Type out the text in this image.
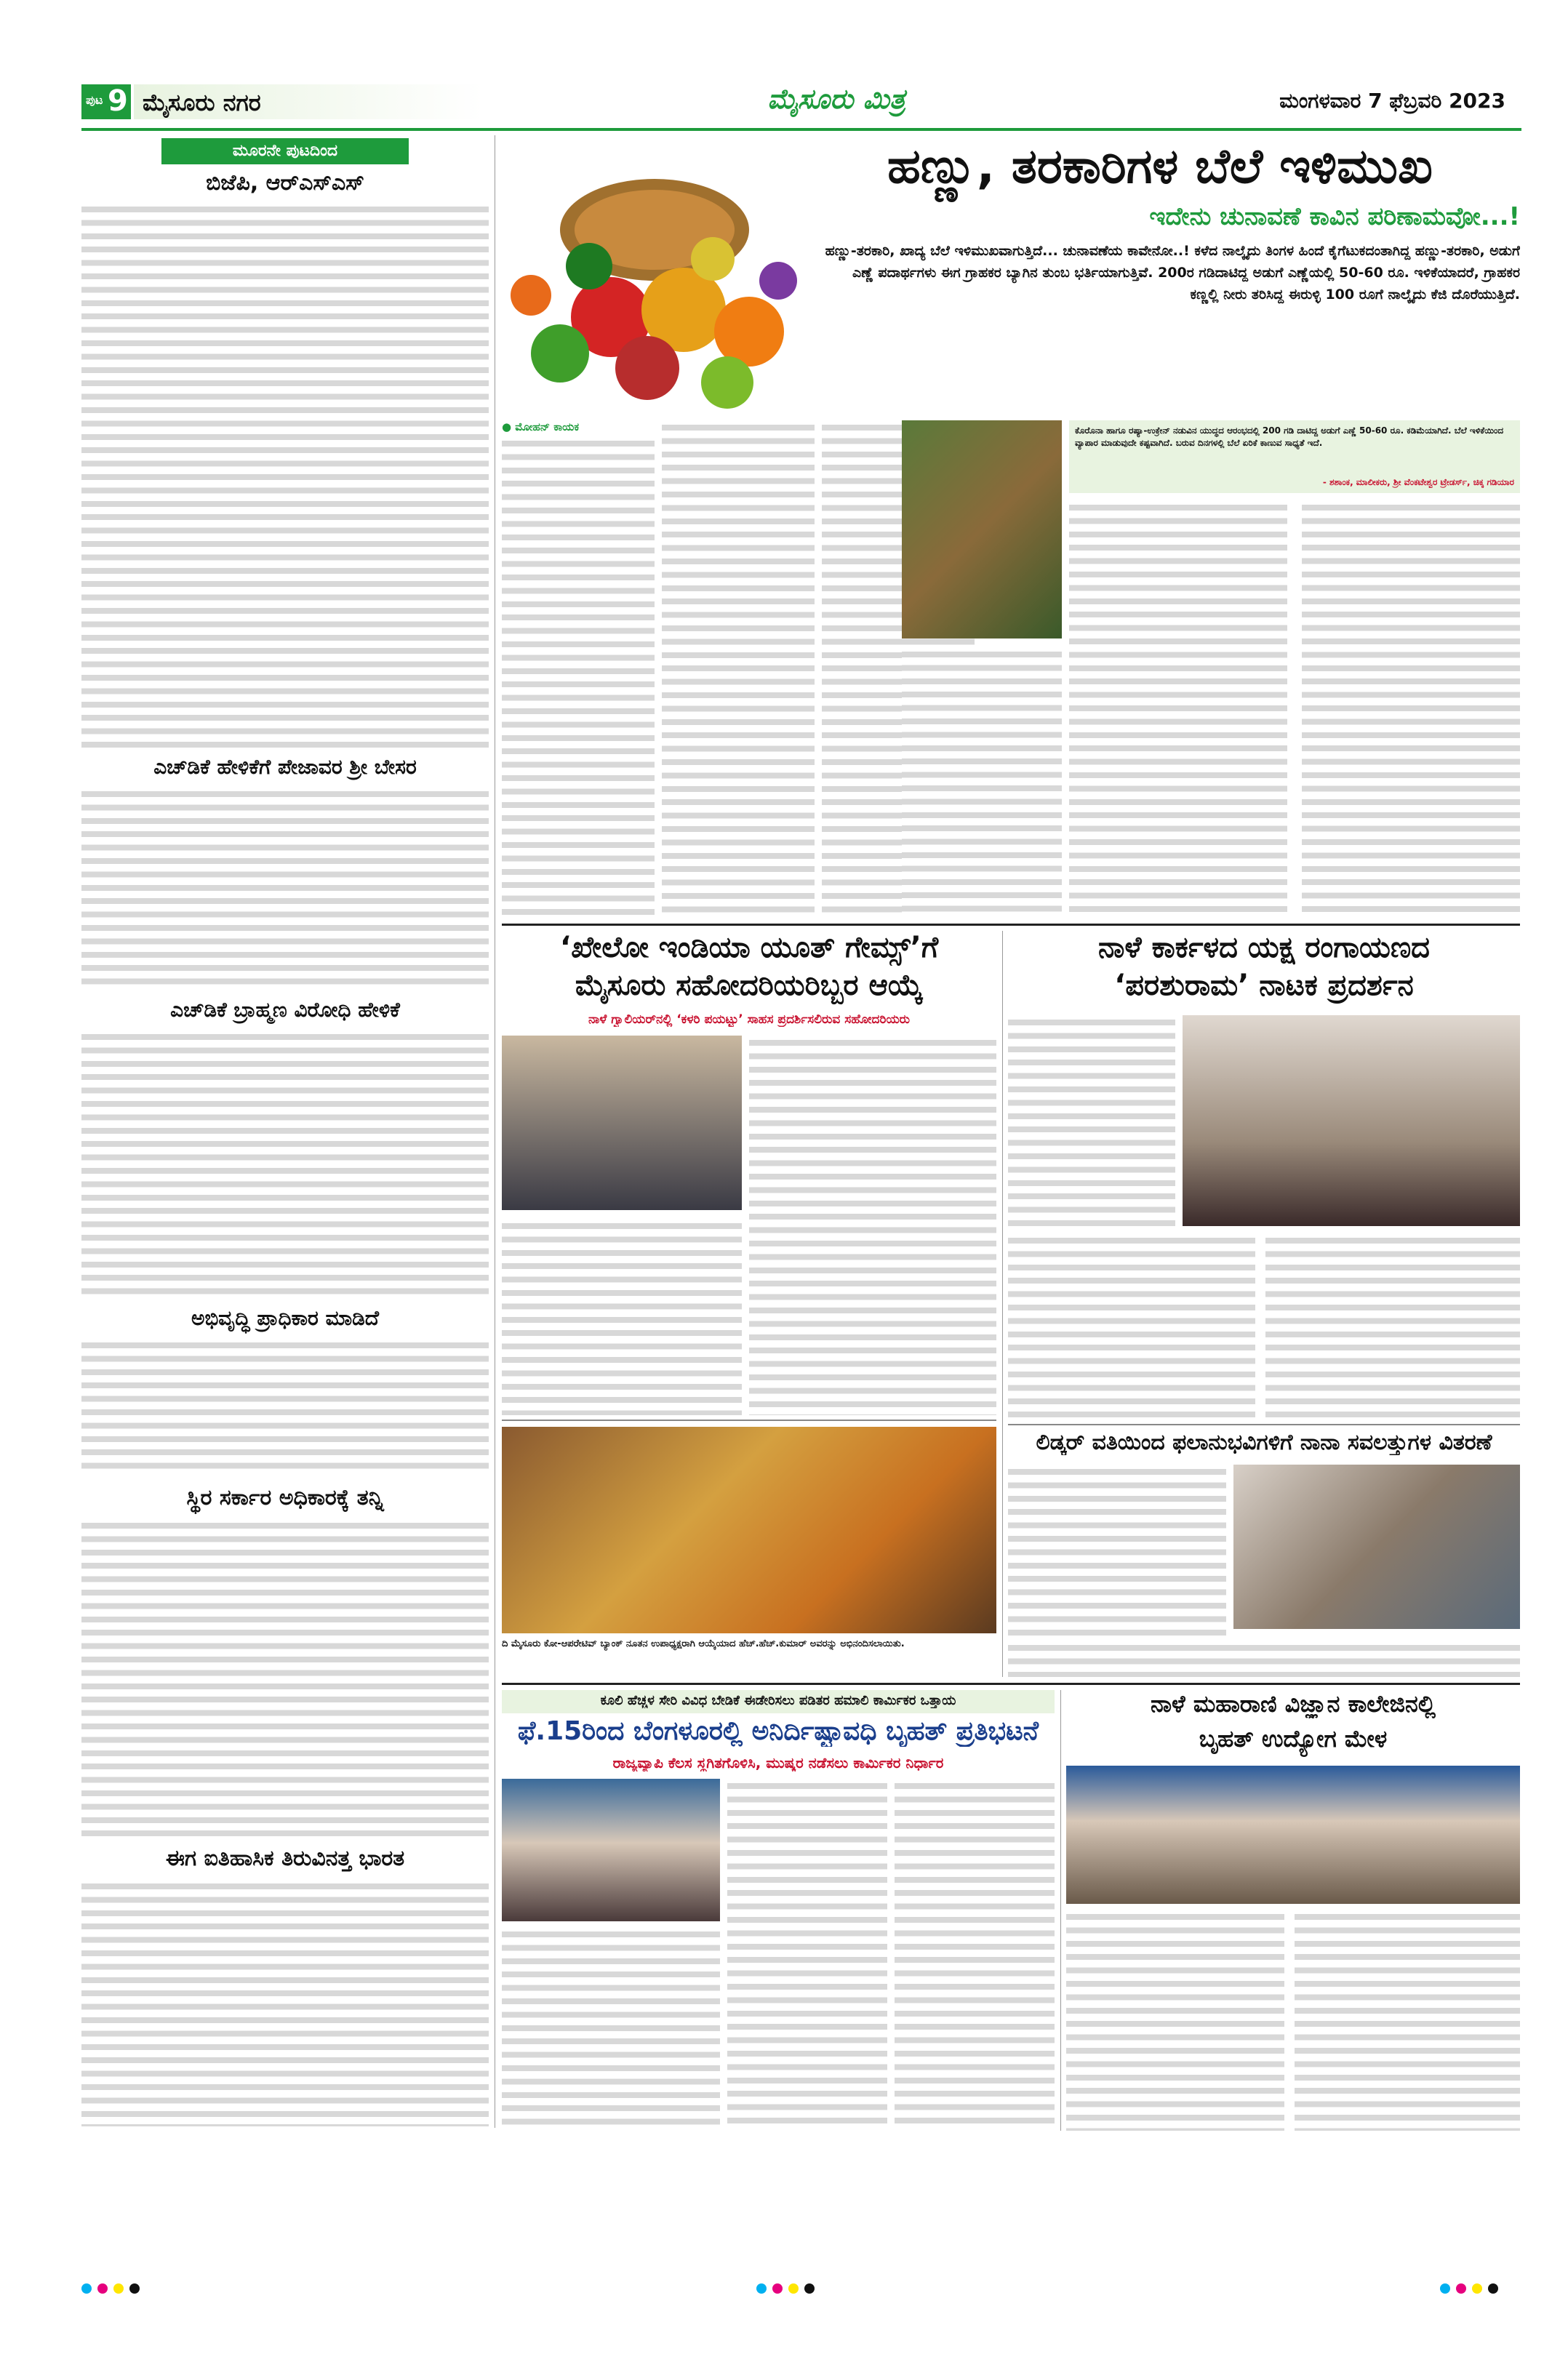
ಪುಟ 9 ಮೈಸೂರು ನಗರ	ಮೈಸೂರು ಮಿತ್ರ	ಮಂಗಳವಾರ 7 ಫೆಬ್ರವರಿ 2023
ಮೂರನೇ ಪುಟದಿಂದ
ಬಿಜೆಪಿ, ಆರ್‌ಎಸ್‌ಎಸ್
ಎಚ್‌ಡಿಕೆ ಹೇಳಿಕೆಗೆ ಪೇಜಾವರ ಶ್ರೀ ಬೇಸರ
ಎಚ್‌ಡಿಕೆ ಬ್ರಾಹ್ಮಣ ವಿರೋಧಿ ಹೇಳಿಕೆ
ಅಭಿವೃದ್ಧಿ ಪ್ರಾಧಿಕಾರ ಮಾಡಿದೆ
ಸ್ಥಿರ ಸರ್ಕಾರ ಅಧಿಕಾರಕ್ಕೆ ತನ್ನಿ
ಈಗ ಐತಿಹಾಸಿಕ ತಿರುವಿನತ್ತ ಭಾರತ
ಹಣ್ಣು, ತರಕಾರಿಗಳ ಬೆಲೆ ಇಳಿಮುಖ
ಇದೇನು ಚುನಾವಣೆ ಕಾವಿನ ಪರಿಣಾಮವೋ...!
ಹಣ್ಣು-ತರಕಾರಿ, ಖಾದ್ಯ ಬೆಲೆ ಇಳಿಮುಖವಾಗುತ್ತಿದೆ... ಚುನಾವಣೆಯ ಕಾವೇನೋ..! ಕಳೆದ ನಾಲ್ಕೈದು ತಿಂಗಳ ಹಿಂದೆ ಕೈಗೆಟುಕದಂತಾಗಿದ್ದ ಹಣ್ಣು-ತರಕಾರಿ, ಅಡುಗೆ ಎಣ್ಣೆ ಪದಾರ್ಥಗಳು ಈಗ ಗ್ರಾಹಕರ ಬ್ಯಾಗಿನ ತುಂಬ ಭರ್ತಿಯಾಗುತ್ತಿವೆ. 200ರ ಗಡಿದಾಟಿದ್ದ ಅಡುಗೆ ಎಣ್ಣೆಯಲ್ಲಿ 50-60 ರೂ. ಇಳಿಕೆಯಾದರೆ, ಗ್ರಾಹಕರ ಕಣ್ಣಲ್ಲಿ ನೀರು ತರಿಸಿದ್ದ ಈರುಳ್ಳಿ 100 ರೂಗೆ ನಾಲ್ಕೈದು ಕೆಜಿ ದೊರೆಯುತ್ತಿದೆ.
● ಮೋಹನ್ ಕಾಯಕ	ಕೊರೊನಾ ಹಾಗೂ ರಷ್ಯಾ-ಉಕ್ರೇನ್ ನಡುವಿನ ಯುದ್ಧದ ಆರಂಭದಲ್ಲಿ 200 ಗಡಿ ದಾಟಿದ್ದ ಅಡುಗೆ ಎಣ್ಣೆ 50-60 ರೂ. ಕಡಿಮೆಯಾಗಿದೆ. ಬೆಲೆ ಇಳಿಕೆಯಿಂದ ವ್ಯಾಪಾರ ಮಾಡುವುದೇ ಕಷ್ಟವಾಗಿದೆ. ಬರುವ ದಿನಗಳಲ್ಲಿ ಬೆಲೆ ಏರಿಕೆ ಕಾಣುವ ಸಾಧ್ಯತೆ ಇದೆ.
- ಶಶಾಂಕ, ಮಾಲೀಕರು, ಶ್ರೀ ವೆಂಕಟೇಶ್ವರ ಟ್ರೇಡರ್ಸ್, ಚಿಕ್ಕ ಗಡಿಯಾರ
‘ಖೇಲೋ ಇಂಡಿಯಾ ಯೂತ್ ಗೇಮ್ಸ್’ಗೆ
ಮೈಸೂರು ಸಹೋದರಿಯರಿಬ್ಬರ ಆಯ್ಕೆ
ನಾಳೆ ಗ್ವಾಲಿಯರ್‌ನಲ್ಲಿ ‘ಕಳರಿ ಪಯಟ್ಟು’ ಸಾಹಸ ಪ್ರದರ್ಶಿಸಲಿರುವ ಸಹೋದರಿಯರು
ದಿ ಮೈಸೂರು ಕೋ-ಆಪರೇಟಿವ್ ಬ್ಯಾಂಕ್ ನೂತನ ಉಪಾಧ್ಯಕ್ಷರಾಗಿ ಆಯ್ಕೆಯಾದ ಹೆಚ್.ಹೆಚ್.ಕುಮಾರ್ ಅವರನ್ನು ಅಭಿನಂದಿಸಲಾಯಿತು.
ನಾಳೆ ಕಾರ್ಕಳದ ಯಕ್ಷ ರಂಗಾಯಣದ
‘ಪರಶುರಾಮ’ ನಾಟಕ ಪ್ರದರ್ಶನ
ಲಿಡ್ಕರ್ ವತಿಯಿಂದ ಫಲಾನುಭವಿಗಳಿಗೆ ನಾನಾ ಸವಲತ್ತುಗಳ ವಿತರಣೆ
ಕೂಲಿ ಹೆಚ್ಚಳ ಸೇರಿ ವಿವಿಧ ಬೇಡಿಕೆ ಈಡೇರಿಸಲು ಪಡಿತರ ಹಮಾಲಿ ಕಾರ್ಮಿಕರ ಒತ್ತಾಯ
ಫೆ.15ರಿಂದ ಬೆಂಗಳೂರಲ್ಲಿ ಅನಿರ್ದಿಷ್ಟಾವಧಿ ಬೃಹತ್ ಪ್ರತಿಭಟನೆ
ರಾಜ್ಯವ್ಯಾಪಿ ಕೆಲಸ ಸ್ಥಗಿತಗೊಳಿಸಿ, ಮುಷ್ಕರ ನಡೆಸಲು ಕಾರ್ಮಿಕರ ನಿರ್ಧಾರ
ನಾಳೆ ಮಹಾರಾಣಿ ವಿಜ್ಞಾನ ಕಾಲೇಜಿನಲ್ಲಿ
ಬೃಹತ್ ಉದ್ಯೋಗ ಮೇಳ
